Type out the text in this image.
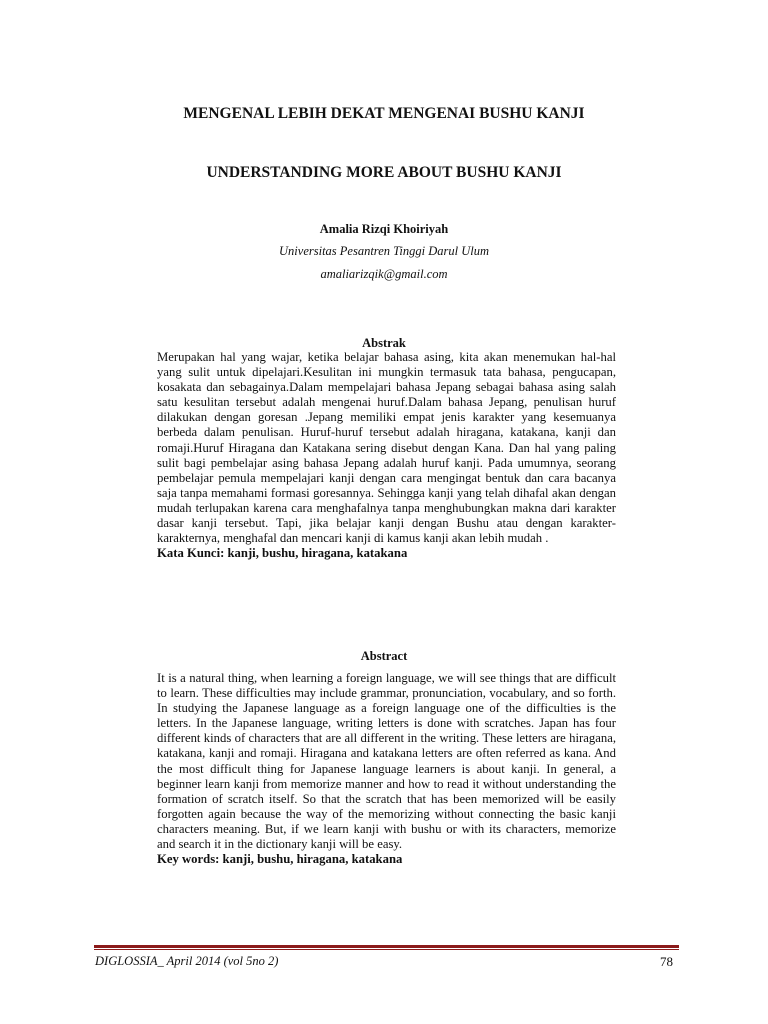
MENGENAL LEBIH DEKAT MENGENAI BUSHU KANJI
UNDERSTANDING MORE ABOUT BUSHU KANJI
Amalia Rizqi Khoiriyah
Universitas Pesantren Tinggi Darul Ulum
amaliarizqik@gmail.com
Abstrak
Merupakan hal yang wajar, ketika belajar bahasa asing, kita akan menemukan hal-hal yang sulit untuk dipelajari.Kesulitan ini mungkin termasuk tata bahasa, pengucapan, kosakata dan sebagainya.Dalam mempelajari bahasa Jepang sebagai bahasa asing salah satu kesulitan tersebut adalah mengenai huruf.Dalam bahasa Jepang, penulisan huruf dilakukan dengan goresan .Jepang memiliki empat jenis karakter yang kesemuanya berbeda dalam penulisan. Huruf-huruf tersebut adalah hiragana, katakana, kanji dan romaji.Huruf Hiragana dan Katakana sering disebut dengan Kana. Dan hal yang paling sulit bagi pembelajar asing bahasa Jepang adalah huruf kanji. Pada umumnya, seorang pembelajar pemula mempelajari kanji dengan cara mengingat bentuk dan cara bacanya saja tanpa memahami formasi goresannya. Sehingga kanji yang telah dihafal akan dengan mudah terlupakan karena cara menghafalnya tanpa menghubungkan makna dari karakter dasar kanji tersebut. Tapi, jika belajar kanji dengan Bushu atau dengan karakter-karakternya, menghafal dan mencari kanji di kamus kanji akan lebih mudah .
Kata Kunci: kanji, bushu, hiragana, katakana
Abstract
It is a natural thing, when learning a foreign language, we will see things that are difficult to learn. These difficulties may include grammar, pronunciation, vocabulary, and so forth. In studying the Japanese language as a foreign language one of the difficulties is the letters. In the Japanese language, writing letters is done with scratches. Japan has four different kinds of characters that are all different in the writing. These letters are hiragana, katakana, kanji and romaji. Hiragana and katakana letters are often referred as kana. And the most difficult thing for Japanese language learners is about kanji. In general, a beginner learn kanji from memorize manner and how to read it without understanding the formation of scratch itself. So that the scratch that has been memorized will be easily forgotten again because the way of the memorizing without connecting the basic kanji characters meaning. But, if we learn kanji with bushu or with its characters, memorize and search it in the dictionary kanji will be easy.
Key words: kanji, bushu, hiragana, katakana
DIGLOSSIA_ April 2014 (vol 5no 2)	78
